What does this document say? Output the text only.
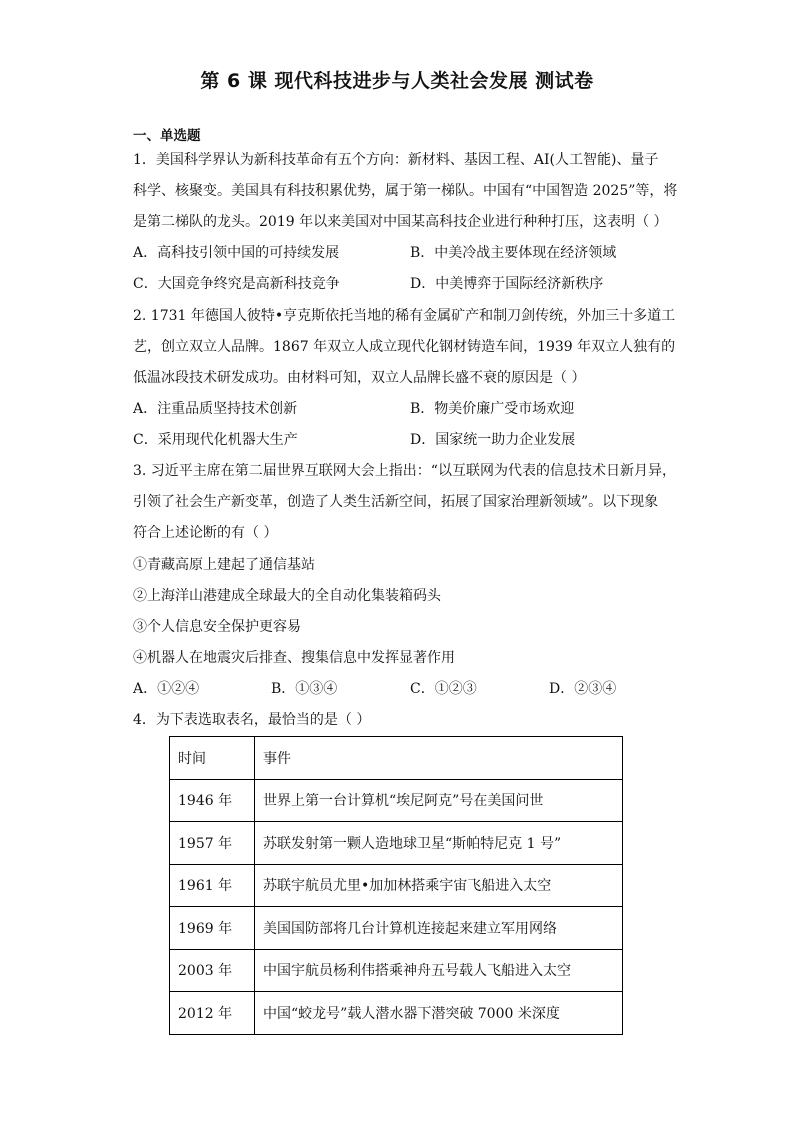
第 6 课 现代科技进步与人类社会发展 测试卷
一、单选题
1．美国科学界认为新科技革命有五个方向：新材料、基因工程、AI(人工智能)、量子
科学、核聚变。美国具有科技积累优势，属于第一梯队。中国有“中国智造 2025”等，将
是第二梯队的龙头。2019 年以来美国对中国某高科技企业进行种种打压，这表明（ ）
A．高科技引领中国的可持续发展	B．中美冷战主要体现在经济领域
C．大国竞争终究是高新科技竞争	D．中美博弈于国际经济新秩序
2. 1731 年德国人彼特•亨克斯依托当地的稀有金属矿产和制刀剑传统，外加三十多道工
艺，创立双立人品牌。1867 年双立人成立现代化钢材铸造车间，1939 年双立人独有的
低温冰段技术研发成功。由材料可知，双立人品牌长盛不衰的原因是（ ）
A．注重品质坚持技术创新	B．物美价廉广受市场欢迎
C．采用现代化机器大生产	D．国家统一助力企业发展
3. 习近平主席在第二届世界互联网大会上指出：“以互联网为代表的信息技术日新月异，
引领了社会生产新变革，创造了人类生活新空间，拓展了国家治理新领域”。以下现象
符合上述论断的有（ ）
①青藏高原上建起了通信基站
②上海洋山港建成全球最大的全自动化集装箱码头
③个人信息安全保护更容易
④机器人在地震灾后排查、搜集信息中发挥显著作用
A．①②④	B．①③④	C．①②③	D．②③④
4．为下表选取表名，最恰当的是（ ）
时间	事件
1946 年	世界上第一台计算机“埃尼阿克”号在美国问世
1957 年	苏联发射第一颗人造地球卫星“斯帕特尼克 1 号”
1961 年	苏联宇航员尤里•加加林搭乘宇宙飞船进入太空
1969 年	美国国防部将几台计算机连接起来建立军用网络
2003 年	中国宇航员杨利伟搭乘神舟五号载人飞船进入太空
2012 年	中国“蛟龙号”载人潜水器下潜突破 7000 米深度
